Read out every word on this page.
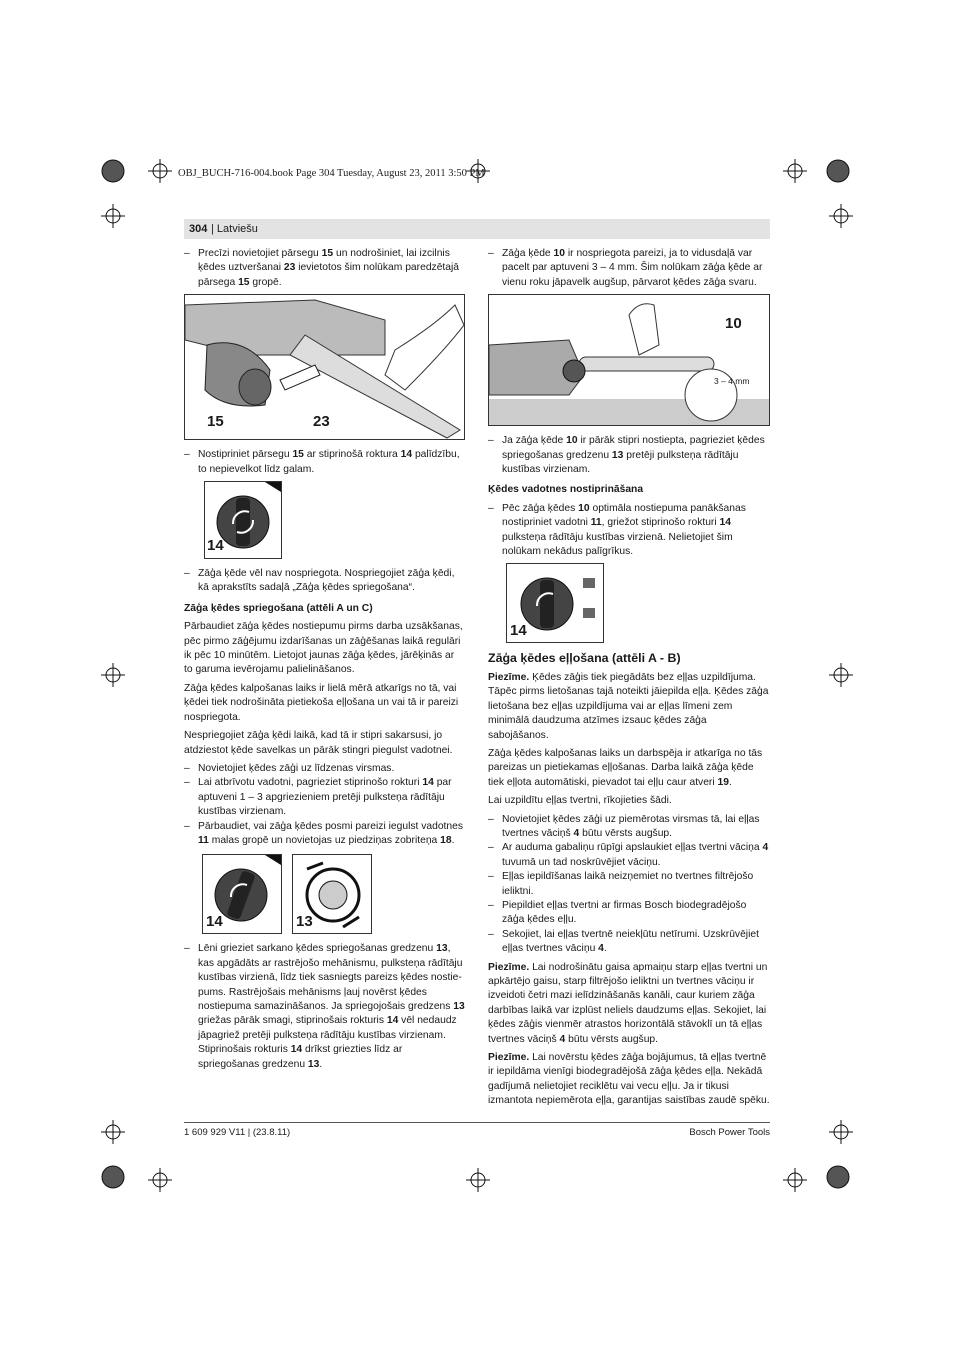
OBJ_BUCH-716-004.book Page 304 Tuesday, August 23, 2011 3:50 PM
304 | Latviešu
– Precīzi novietojiet pārsegu 15 un nodrošiniet, lai izcilnis ķēdes uztveršanai 23 ievietotos šim nolūkam paredzētajā pārsega 15 gropē.
15	23
– Nostipriniet pārsegu 15 ar stiprinošā roktura 14 palīdzību, to nepievelkot līdz galam.
14
– Zāģa ķēde vēl nav nospriegota. Nospriegojiet zāģa ķēdi, kā aprakstīts sadaļā „Zāģa ķēdes spriegošana“.
Zāģa ķēdes spriegošana (attēli A un C)

Pārbaudiet zāģa ķēdes nostiepumu pirms darba uzsākšanas, pēc pirmo zāģējumu izdarīšanas un zāģēšanas laikā regulāri ik pēc 10 minūtēm. Lietojot jaunas zāģa ķēdes, jārēķinās ar to garuma ievērojamu palielināšanos.

Zāģa ķēdes kalpošanas laiks ir lielā mērā atkarīgs no tā, vai ķēdei tiek nodrošināta pietiekoša eļļošana un vai tā ir pareizi nospriegota.

Nespriegojiet zāģa ķēdi laikā, kad tā ir stipri sakarsusi, jo atdziestot ķēde savelkas un pārāk stingri piegulst vadotnei.

– Novietojiet ķēdes zāģi uz līdzenas virsmas.
– Lai atbrīvotu vadotni, pagrieziet stiprinošo rokturi 14 par aptuveni 1 – 3 apgriezieniem pretēji pulksteņa rādītāju kustības virzienam.
– Pārbaudiet, vai zāģa ķēdes posmi pareizi iegulst vadotnes 11 malas gropē un novietojas uz piedziņas zobriteņa 18.
14	13
– Lēni grieziet sarkano ķēdes spriegošanas gredzenu 13, kas apgādāts ar rastrējošo mehānismu, pulksteņa rādītāju kustības virzienā, līdz tiek sasniegts pareizs ķēdes nostie-pums. Rastrējošais mehānisms ļauj novērst ķēdes nostiepuma samazināšanos. Ja spriegojošais gredzens 13 griežas pārāk smagi, stiprinošais rokturis 14 vēl nedaudz jāpagriež pretēji pulksteņa rādītāju kustības virzienam. Stiprinošais rokturis 14 drīkst griezties līdz ar spriegošanas gredzenu 13.
– Zāģa ķēde 10 ir nospriegota pareizi, ja to vidusdaļā var pacelt par aptuveni 3 – 4 mm. Šim nolūkam zāģa ķēde ar vienu roku jāpavelk augšup, pārvarot ķēdes zāģa svaru.
10
3 – 4 mm
– Ja zāģa ķēde 10 ir pārāk stipri nostiepta, pagrieziet ķēdes spriegošanas gredzenu 13 pretēji pulksteņa rādītāju kustības virzienam.
Ķēdes vadotnes nostiprināšana
– Pēc zāģa ķēdes 10 optimāla nostiepuma panākšanas nostipriniet vadotni 11, griežot stiprinošo rokturi 14 pulksteņa rādītāju kustības virzienā. Nelietojiet šim nolūkam nekādus palīgrīkus.
14
Zāģa ķēdes eļļošana (attēli A - B)

Piezīme. Ķēdes zāģis tiek piegādāts bez eļļas uzpildījuma. Tāpēc pirms lietošanas tajā noteikti jāiepilda eļļa. Ķēdes zāģa lietošana bez eļļas uzpildījuma vai ar eļļas līmeni zem minimālā daudzuma atzīmes izsauc ķēdes zāģa sabojāšanos.

Zāģa ķēdes kalpošanas laiks un darbspēja ir atkarīga no tās pareizas un pietiekamas eļļošanas. Darba laikā zāģa ķēde tiek eļļota automātiski, pievadot tai eļļu caur atveri 19.

Lai uzpildītu eļļas tvertni, rīkojieties šādi.

– Novietojiet ķēdes zāģi uz piemērotas virsmas tā, lai eļļas tvertnes vāciņš 4 būtu vērsts augšup.
– Ar auduma gabaliņu rūpīgi apslaukiet eļļas tvertni vāciņa 4 tuvumā un tad noskrūvējiet vāciņu.
– Eļļas iepildīšanas laikā neizņemiet no tvertnes filtrējošo ieliktni.
– Piepildiet eļļas tvertni ar firmas Bosch biodegradējošo zāģa ķēdes eļļu.
– Sekojiet, lai eļļas tvertnē neiekļūtu netīrumi. Uzskrūvējiet eļļas tvertnes vāciņu 4.

Piezīme. Lai nodrošinātu gaisa apmaiņu starp eļļas tvertni un apkārtējo gaisu, starp filtrējošo ieliktni un tvertnes vāciņu ir izveidoti četri mazi ielīdzināšanās kanāli, caur kuriem zāģa darbības laikā var izplūst neliels daudzums eļļas. Sekojiet, lai ķēdes zāģis vienmēr atrastos horizontālā stāvoklī un tā eļļas tvertnes vāciņš 4 būtu vērsts augšup.

Piezīme. Lai novērstu ķēdes zāģa bojājumus, tā eļļas tvertnē ir iepildāma vienīgi biodegradējošā zāģa ķēdes eļļa. Nekādā gadījumā nelietojiet reciklētu vai vecu eļļu. Ja ir tikusi izmantota nepiemērota eļļa, garantijas saistības zaudē spēku.

1 609 929 V11 | (23.8.11)	Bosch Power Tools
